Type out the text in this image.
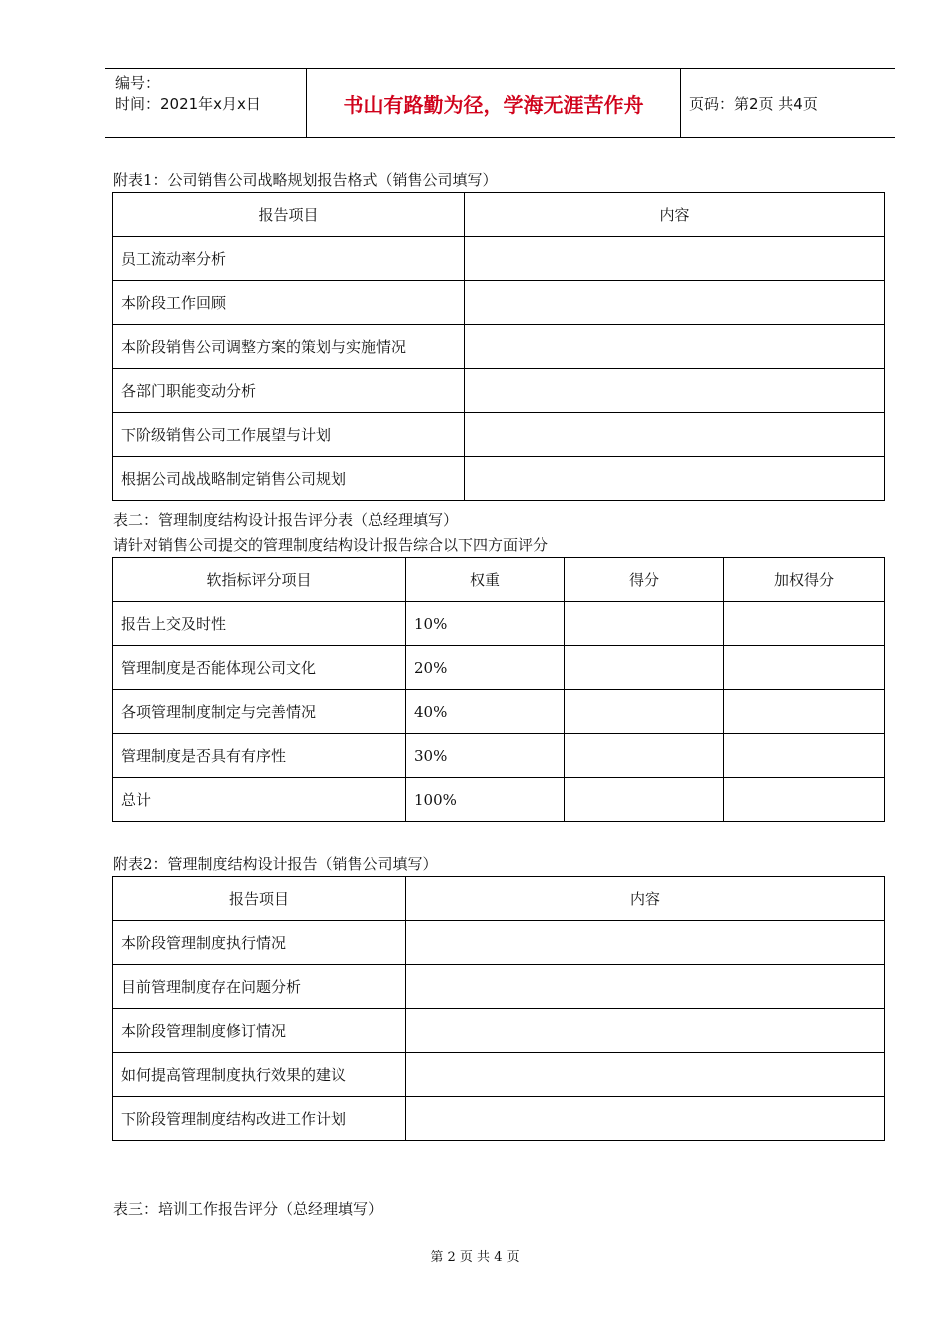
编号：
时间：2021年x月x日	书山有路勤为径，学海无涯苦作舟	页码：第2页 共4页
附表1：公司销售公司战略规划报告格式（销售公司填写）
报告项目	内容
员工流动率分析	
本阶段工作回顾	
本阶段销售公司调整方案的策划与实施情况	
各部门职能变动分析	
下阶级销售公司工作展望与计划	
根据公司战战略制定销售公司规划	
表二：管理制度结构设计报告评分表（总经理填写）
请针对销售公司提交的管理制度结构设计报告综合以下四方面评分
软指标评分项目	权重	得分	加权得分
报告上交及时性	10%		
管理制度是否能体现公司文化	20%		
各项管理制度制定与完善情况	40%		
管理制度是否具有有序性	30%		
总计	100%		
附表2：管理制度结构设计报告（销售公司填写）
报告项目	内容
本阶段管理制度执行情况	
目前管理制度存在问题分析	
本阶段管理制度修订情况	
如何提高管理制度执行效果的建议	
下阶段管理制度结构改进工作计划	
表三：培训工作报告评分（总经理填写）
第 2 页 共 4 页
